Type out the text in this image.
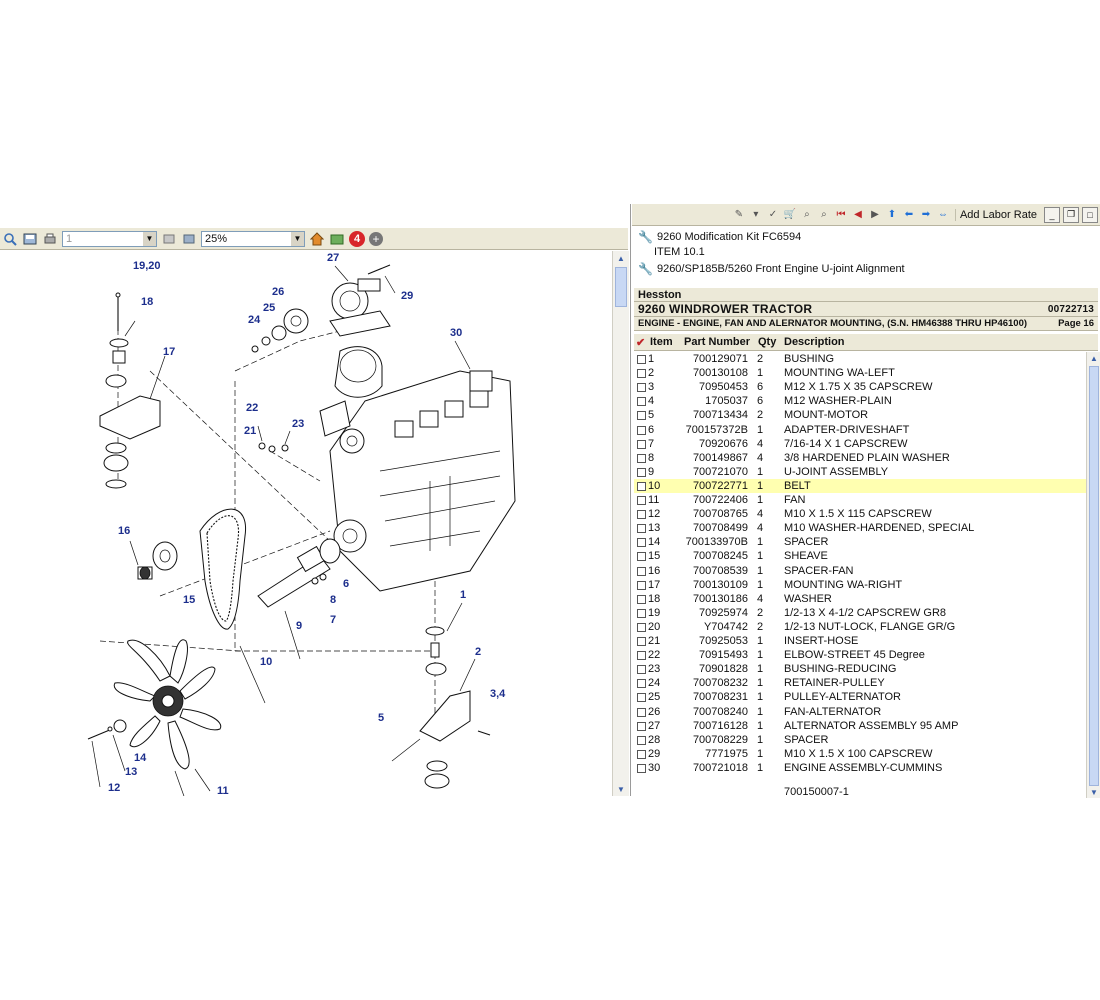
1	▼	25%	▼	4	+
19,20
18
17
27
26
25
24
29
30
22
21
23
16
15
10
9
8
7
6
1
2
3,4
5
14
13
12	11
▲
▼
✎	▾	✓ 🛒 ⌕	⌕ ⏮ ◀ ▶ ⬆ ⬅ ➡ ⇔	Add Labor Rate	_	❐	□
🔧 9260 Modification Kit FC6594
ITEM 10.1
🔧 9260/SP185B/5260 Front Engine U-joint Alignment
Hesston
9260 WINDROWER TRACTOR	00722713
ENGINE - ENGINE, FAN AND ALERNATOR MOUNTING, (S.N. HM46388 THRU HP46100)	Page 16
✔ Item Part Number Qty Description
1	700129071 2 BUSHING
2	700130108 1 MOUNTING WA-LEFT
3	70950453 6 M12 X 1.75 X 35 CAPSCREW
4	1705037 6 M12 WASHER-PLAIN
5	700713434 2 MOUNT-MOTOR
6	700157372B 1 ADAPTER-DRIVESHAFT
7	70920676 4 7/16-14 X 1 CAPSCREW
8	700149867 4 3/8 HARDENED PLAIN WASHER
9	700721070 1 U-JOINT ASSEMBLY
10	700722771 1 BELT
11	700722406 1 FAN
12	700708765 4 M10 X 1.5 X 115 CAPSCREW
13	700708499 4 M10 WASHER-HARDENED, SPECIAL
14	700133970B 1 SPACER
15	700708245 1 SHEAVE
16	700708539 1 SPACER-FAN
17	700130109 1 MOUNTING WA-RIGHT
18	700130186 4 WASHER
19	70925974 2 1/2-13 X 4-1/2 CAPSCREW GR8
20	Y704742 2 1/2-13 NUT-LOCK, FLANGE GR/G
21	70925053 1 INSERT-HOSE
22	70915493 1 ELBOW-STREET 45 Degree
23	70901828 1 BUSHING-REDUCING
24	700708232 1 RETAINER-PULLEY
25	700708231 1 PULLEY-ALTERNATOR
26	700708240 1 FAN-ALTERNATOR
27	700716128 1 ALTERNATOR ASSEMBLY 95 AMP
28	700708229 1 SPACER
29	7771975 1 M10 X 1.5 X 100 CAPSCREW
30	700721018 1 ENGINE ASSEMBLY-CUMMINS
700150007-1
▲
▼
